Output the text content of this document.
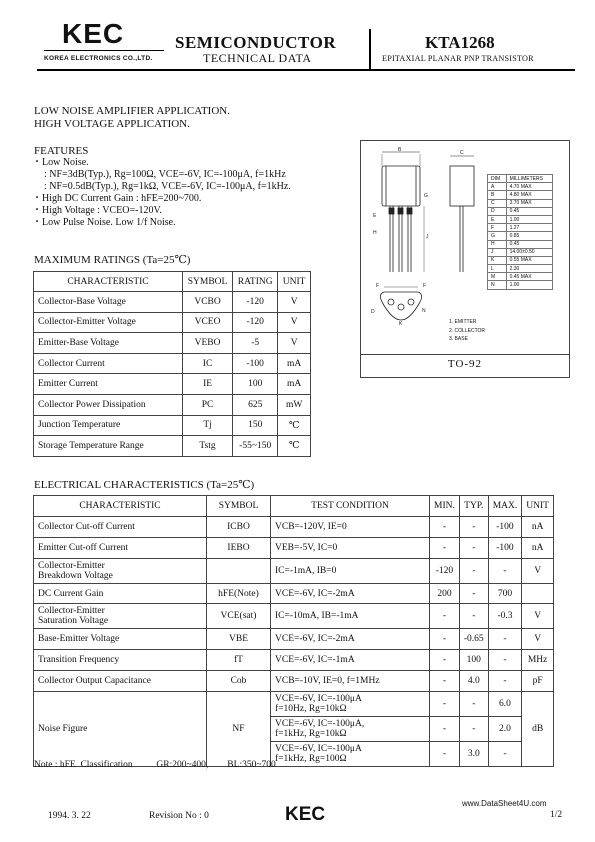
KEC
KOREA ELECTRONICS CO.,LTD.
SEMICONDUCTOR
TECHNICAL DATA
KTA1268
EPITAXIAL PLANAR PNP TRANSISTOR
LOW NOISE AMPLIFIER APPLICATION.
HIGH VOLTAGE APPLICATION.
FEATURES
・Low Noise.
: NF=3dB(Typ.), Rg=100Ω, VCE=-6V, IC=-100μA, f=1kHz
: NF=0.5dB(Typ.), Rg=1kΩ, VCE=-6V, IC=-100μA, f=1kHz.
・High DC Current Gain : hFE=200~700.
・High Voltage : VCEO=-120V.
・Low Pulse Noise. Low 1/f Noise.
MAXIMUM RATINGS (Ta=25℃)
CHARACTERISTIC	SYMBOL	RATING	UNIT
Collector-Base Voltage	VCBO	-120	V
Collector-Emitter Voltage	VCEO	-120	V
Emitter-Base Voltage	VEBO	-5	V
Collector Current	IC	-100	mA
Emitter Current	IE	100	mA
Collector Power Dissipation	PC	625	mW
Junction Temperature	Tj	150	℃
Storage Temperature Range	Tstg	-55~150	℃
B
E
H
G
J
C
F	F
D	N
K
DIM	MILLIMETERS
A	4.70 MAX
B	4.80 MAX
C	3.70 MAX
D	0.45
E	1.00
F	1.27
G	0.85
H	0.45
J	14.00±0.50
K	0.55 MAX
L	2.30
M	0.45 MAX
N	1.00
1. EMITTER
2. COLLECTOR
3. BASE
TO-92
ELECTRICAL CHARACTERISTICS (Ta=25℃)
CHARACTERISTIC	SYMBOL	TEST CONDITION	MIN.	TYP.	MAX.	UNIT
Collector Cut-off Current	ICBO	VCB=-120V, IE=0	-	-	-100	nA
Emitter Cut-off Current	IEBO	VEB=-5V, IC=0	-	-	-100	nA
Collector-Emitter
Breakdown Voltage		IC=-1mA, IB=0	-120	-	-	V
DC Current Gain	hFE(Note)	VCE=-6V, IC=-2mA	200	-	700	
Collector-Emitter
Saturation Voltage	VCE(sat)	IC=-10mA, IB=-1mA	-	-	-0.3	V
Base-Emitter Voltage	VBE	VCE=-6V, IC=-2mA	-	-0.65	-	V
Transition Frequency	fT	VCE=-6V, IC=-1mA	-	100	-	MHz
Collector Output Capacitance	Cob	VCB=-10V, IE=0, f=1MHz	-	4.0	-	pF
Noise Figure	NF	VCE=-6V, IC=-100μA
f=10Hz, Rg=10kΩ	-	-	6.0	dB
		VCE=-6V, IC=-100μA,
f=1kHz, Rg=10kΩ	-	-	2.0	
		VCE=-6V, IC=-100μA
f=1kHz, Rg=100Ω	-	3.0	-	
Note : hFE  Classification          GR:200~400,        BL:350~700
1994. 3. 22	Revision No : 0	KEC
www.DataSheet4U.com
1/2
